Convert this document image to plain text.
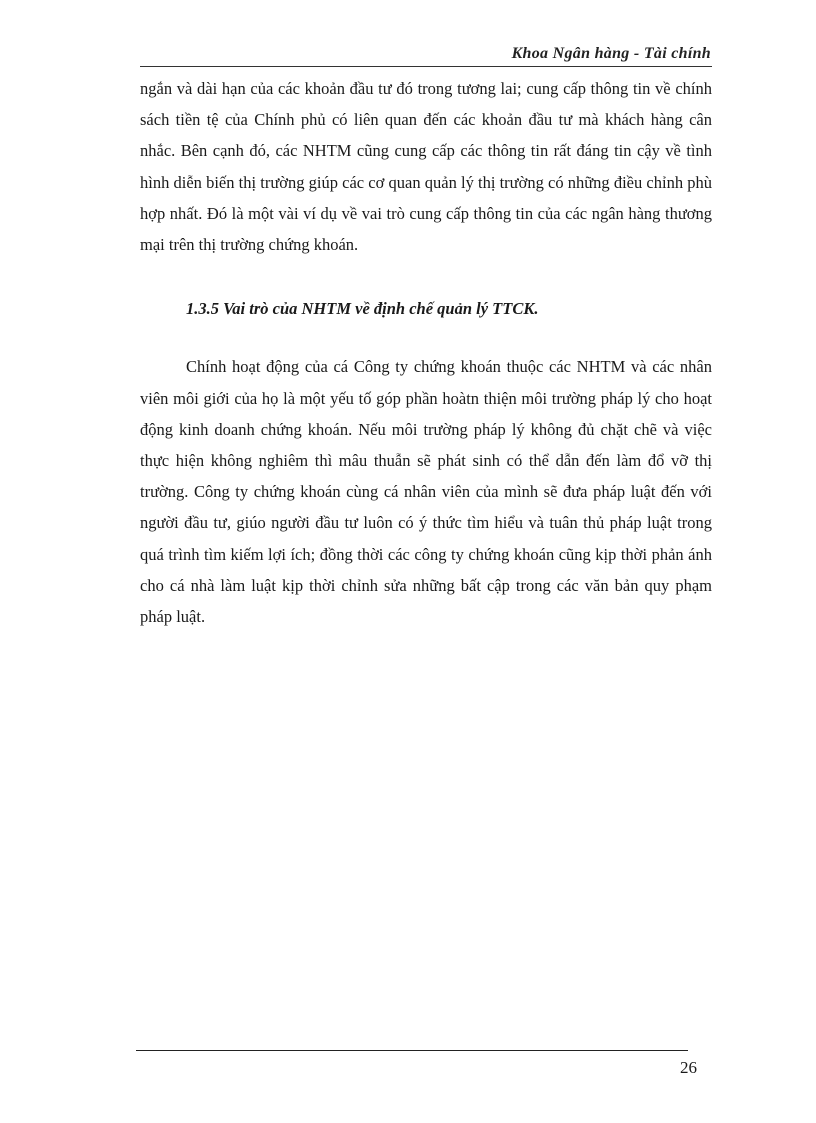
Khoa Ngân hàng - Tài chính

ngắn và dài hạn của các khoản đầu tư đó trong tương lai; cung cấp thông tin về chính sách tiền tệ của Chính phủ có liên quan đến các khoản đầu tư mà khách hàng cân nhắc. Bên cạnh đó, các NHTM cũng cung cấp các thông tin rất đáng tin cậy về tình hình diễn biến thị trường giúp các cơ quan quản lý thị trường có những điều chỉnh phù hợp nhất. Đó là một vài ví dụ về vai trò cung cấp thông tin của các ngân hàng thương mại trên thị trường chứng khoán.

1.3.5 Vai trò của NHTM về định chế quản lý TTCK.

Chính hoạt động của cá Công ty chứng khoán thuộc các NHTM và các nhân viên môi giới của họ là một yếu tố góp phần hoàtn thiện môi trường pháp lý cho hoạt động kinh doanh chứng khoán. Nếu môi trường pháp lý không đủ chặt chẽ và việc thực hiện không nghiêm thì mâu thuẫn sẽ phát sinh có thể dẫn đến làm đổ vỡ thị trường. Công ty chứng khoán cùng cá nhân viên của mình sẽ đưa pháp luật đến với người đầu tư, giúo người đầu tư luôn có ý thức tìm hiểu và tuân thủ pháp luật trong quá trình tìm kiếm lợi ích; đồng thời các công ty chứng khoán cũng kịp thời phản ánh cho cá nhà làm luật kịp thời chỉnh sửa những bất cập trong các văn bản quy phạm pháp luật.

26
